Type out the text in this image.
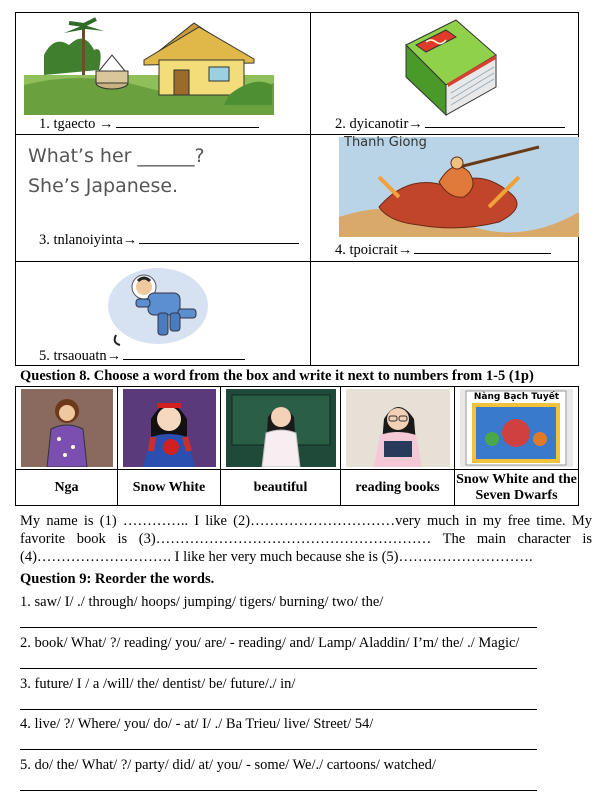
1. tgaecto →	2. dyicanotir→
What’s her ______?
She’s Japanese.
3. tnlanoiyinta→
Thanh Giong
4. tpoicrait→
5. trsaouatn→
Question 8. Choose a word from the box and write it next to numbers from 1-5 (1p)
Nga	Snow White	beautiful	reading books
Nàng Bạch Tuyết
Snow White and the Seven Dwarfs
My name is (1) ………….. I like (2)…………………………very much in my free time. My favorite book is (3)………………………………………………… The main character is (4)………………………. I like her very much because she is (5)……………………….
Question 9: Reorder the words.
1. saw/ I/ ./ through/ hoops/ jumping/ tigers/ burning/ two/ the/
2. book/ What/ ?/ reading/ you/ are/ - reading/ and/ Lamp/ Aladdin/ I’m/ the/ ./ Magic/
3. future/ I / a /will/ the/ dentist/ be/ future/./ in/
4. live/ ?/ Where/ you/ do/ - at/ I/ ./ Ba Trieu/ live/ Street/ 54/
5. do/ the/ What/ ?/ party/ did/ at/ you/ - some/ We/./ cartoons/ watched/
